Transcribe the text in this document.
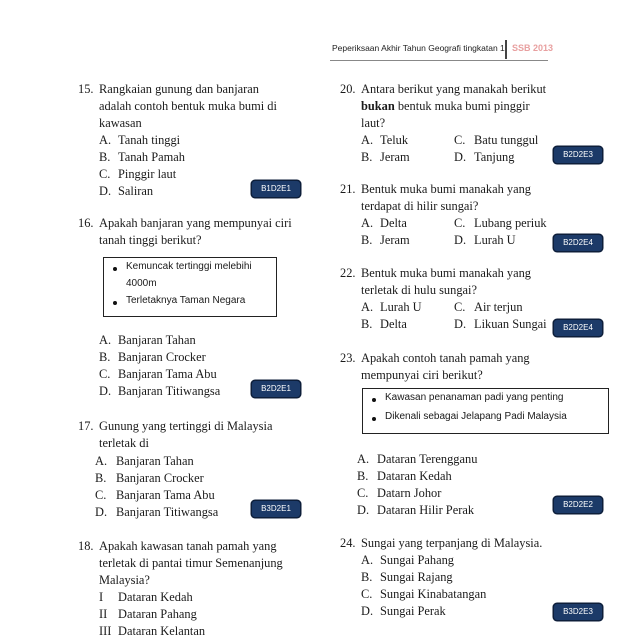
Peperiksaan Akhir Tahun Geografi tingkatan 1 SSB 2013
15. Rangkaian gunung dan banjaran
adalah contoh bentuk muka bumi di
kawasan
A. Tanah tinggi
B. Tanah Pamah
C. Pinggir laut
D. Saliran	B1D2E1
16. Apakah banjaran yang mempunyai ciri
tanah tinggi berikut?
Kemuncak tertinggi melebihi
4000m
Terletaknya Taman Negara
A. Banjaran Tahan
B. Banjaran Crocker
C. Banjaran Tama Abu
D. Banjaran Titiwangsa	B2D2E1
17. Gunung yang tertinggi di Malaysia
terletak di
A. Banjaran Tahan
B. Banjaran Crocker
C. Banjaran Tama Abu
D. Banjaran Titiwangsa	B3D2E1
18. Apakah kawasan tanah pamah yang
terletak di pantai timur Semenanjung
Malaysia?
I Dataran Kedah
II Dataran Pahang
III Dataran Kelantan
20. Antara berikut yang manakah berikut
bukan bentuk muka bumi pinggir
laut?
A. Teluk	C. Batu tunggul
B. Jeram	D. Tanjung	B2D2E3
21. Bentuk muka bumi manakah yang
terdapat di hilir sungai?
A. Delta	C. Lubang periuk
B. Jeram	D. Lurah U	B2D2E4
22. Bentuk muka bumi manakah yang
terletak di hulu sungai?
A. Lurah U	C. Air terjun
B. Delta	D. Likuan Sungai	B2D2E4
23. Apakah contoh tanah pamah yang
mempunyai ciri berikut?
Kawasan penanaman padi yang penting
Dikenali sebagai Jelapang Padi Malaysia
A. Dataran Terengganu
B. Dataran Kedah
C. Datarn Johor
D. Dataran Hilir Perak	B2D2E2
24. Sungai yang terpanjang di Malaysia.
A. Sungai Pahang
B. Sungai Rajang
C. Sungai Kinabatangan
D. Sungai Perak	B3D2E3
